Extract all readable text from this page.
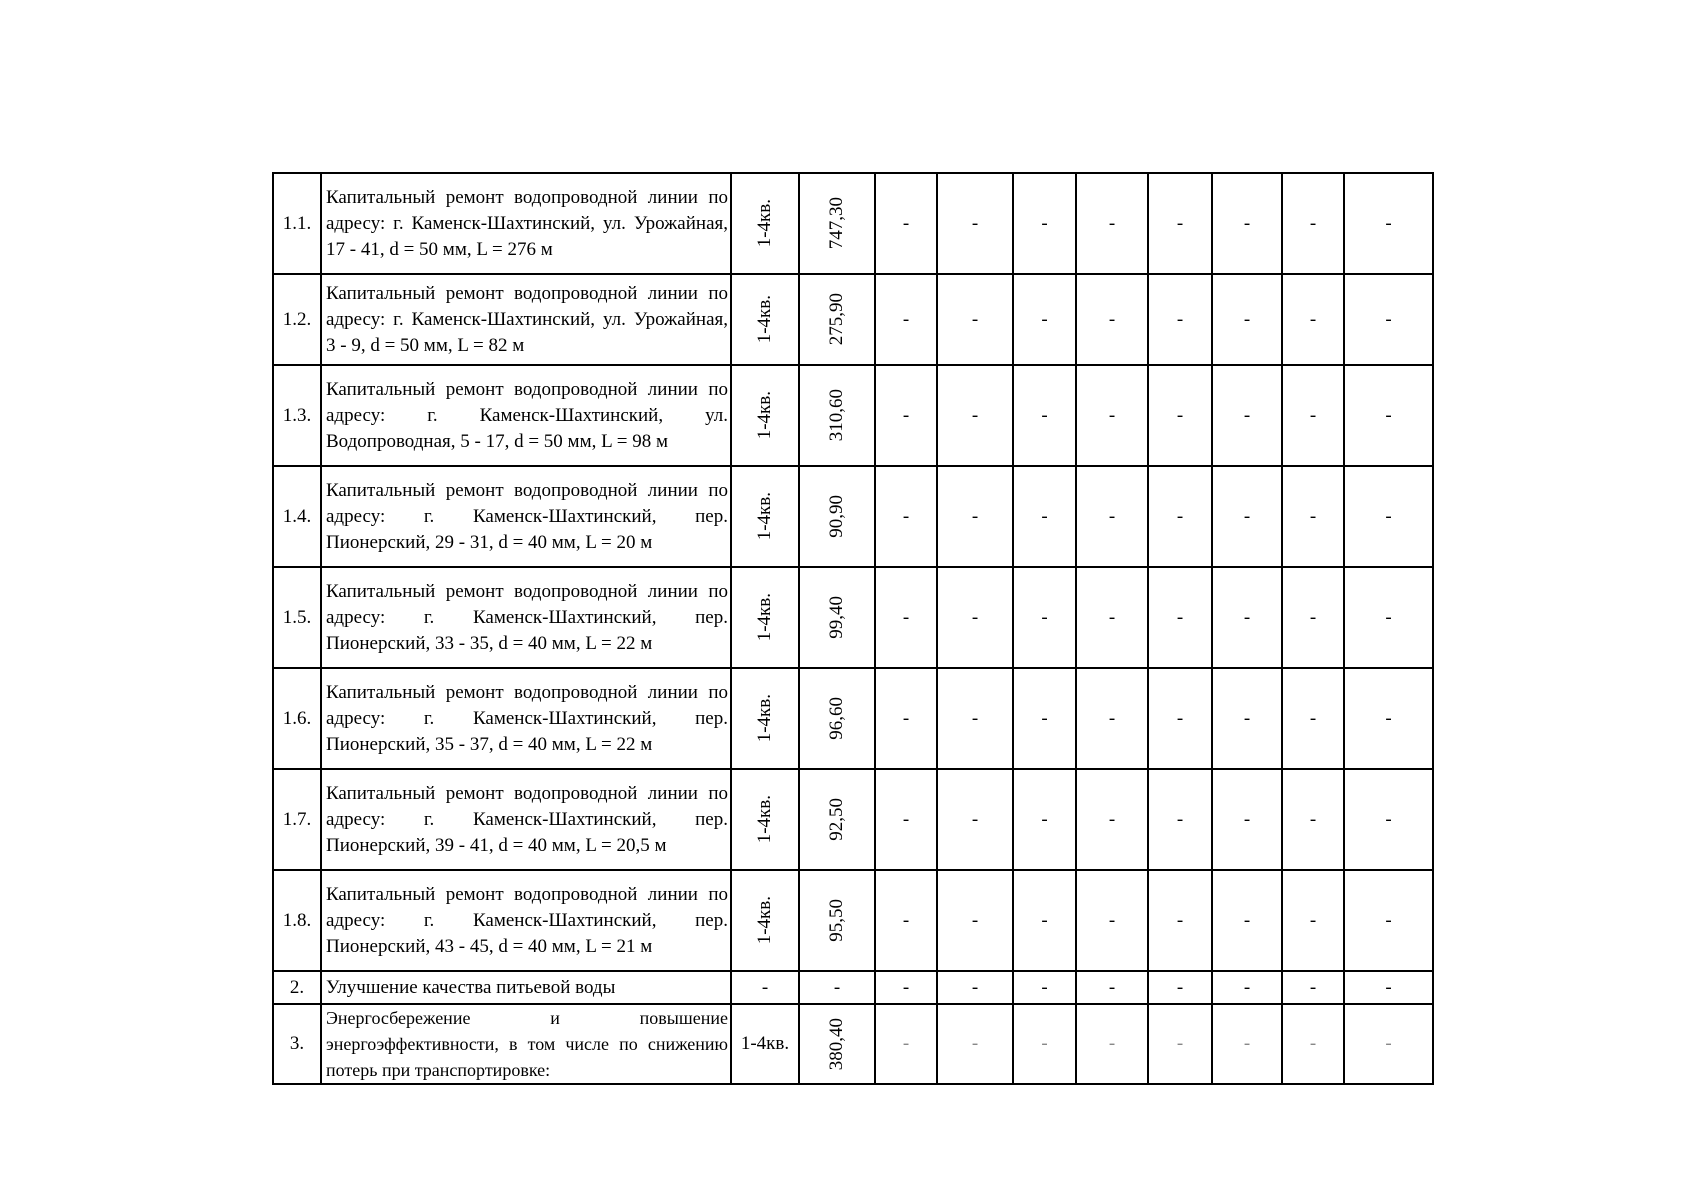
1.1.	Капитальный ремонт водопроводной линии по адресу: г. Каменск-Шахтинский, ул. Урожайная, 17 - 41, d = 50 мм, L = 276 м	1-4кв.	747,30	-	-	-	-	-	-	-	-
1.2.	Капитальный ремонт водопроводной линии по адресу: г. Каменск-Шахтинский, ул. Урожайная, 3 - 9, d = 50 мм, L = 82 м	1-4кв.	275,90	-	-	-	-	-	-	-	-
1.3.	Капитальный ремонт водопроводной линии по адресу: г. Каменск-Шахтинский, ул. Водопроводная, 5 - 17, d = 50 мм, L = 98 м	1-4кв.	310,60	-	-	-	-	-	-	-	-
1.4.	Капитальный ремонт водопроводной линии по адресу: г. Каменск-Шахтинский, пер. Пионерский, 29 - 31, d = 40 мм, L = 20 м	1-4кв.	90,90	-	-	-	-	-	-	-	-
1.5.	Капитальный ремонт водопроводной линии по адресу: г. Каменск-Шахтинский, пер. Пионерский, 33 - 35, d = 40 мм, L = 22 м	1-4кв.	99,40	-	-	-	-	-	-	-	-
1.6.	Капитальный ремонт водопроводной линии по адресу: г. Каменск-Шахтинский, пер. Пионерский, 35 - 37, d = 40 мм, L = 22 м	1-4кв.	96,60	-	-	-	-	-	-	-	-
1.7.	Капитальный ремонт водопроводной линии по адресу: г. Каменск-Шахтинский, пер. Пионерский, 39 - 41, d = 40 мм, L = 20,5 м	1-4кв.	92,50	-	-	-	-	-	-	-	-
1.8.	Капитальный ремонт водопроводной линии по адресу: г. Каменск-Шахтинский, пер. Пионерский, 43 - 45, d = 40 мм, L = 21 м	1-4кв.	95,50	-	-	-	-	-	-	-	-
2.	Улучшение качества питьевой воды	-	-	-	-	-	-	-	-	-	-
3.	Энергосбережение и повышение энергоэффективности, в том числе по снижению потерь при транспортировке:	1-4кв.	380,40	-	-	-	-	-	-	-	-
